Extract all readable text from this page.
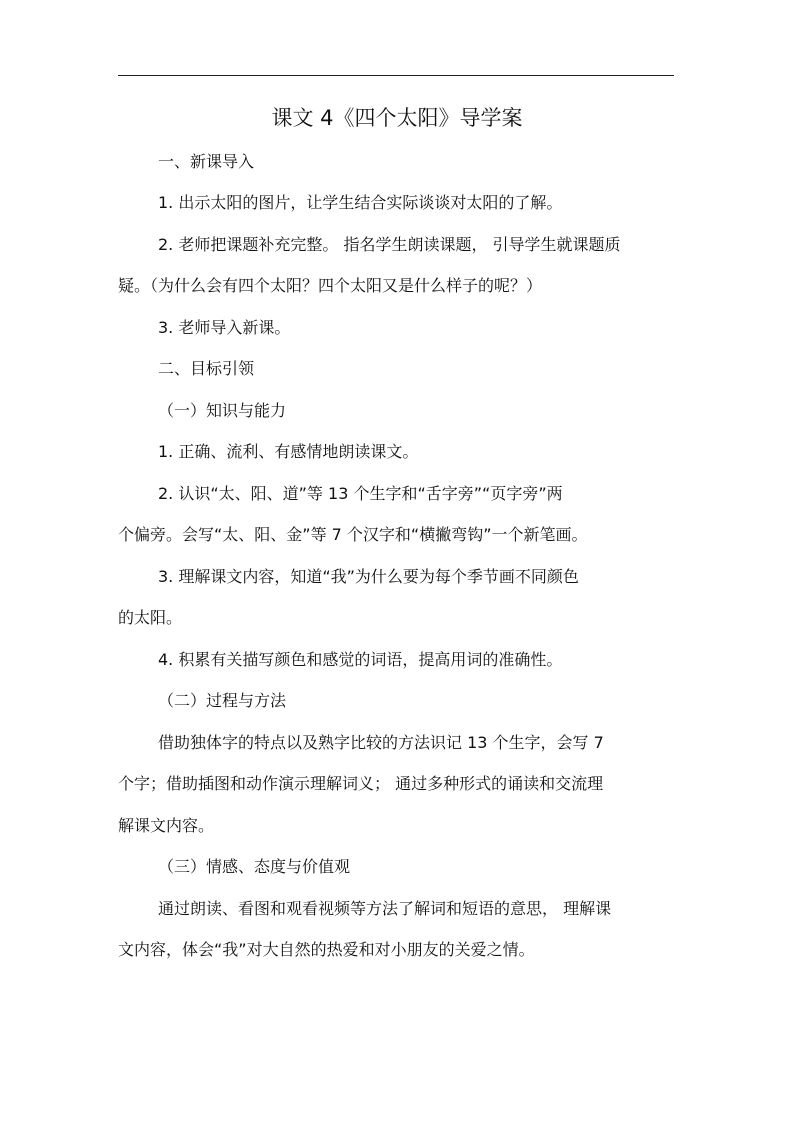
课文 4《四个太阳》导学案
一、新课导入
1. 出示太阳的图片，让学生结合实际谈谈对太阳的了解。
2. 老师把课题补充完整。 指名学生朗读课题， 引导学生就课题质
疑。（为什么会有四个太阳？四个太阳又是什么样子的呢？）
3. 老师导入新课。
二、目标引领
（一）知识与能力
1. 正确、流利、有感情地朗读课文。
2. 认识“太、阳、道”等 13 个生字和“舌字旁”“页字旁”两
个偏旁。会写“太、阳、金”等 7 个汉字和“横撇弯钩”一个新笔画。
3. 理解课文内容，知道“我”为什么要为每个季节画不同颜色
的太阳。
4. 积累有关描写颜色和感觉的词语，提高用词的准确性。
（二）过程与方法
借助独体字的特点以及熟字比较的方法识记 13 个生字，会写 7
个字；借助插图和动作演示理解词义； 通过多种形式的诵读和交流理
解课文内容。
（三）情感、态度与价值观
通过朗读、看图和观看视频等方法了解词和短语的意思， 理解课
文内容，体会“我”对大自然的热爱和对小朋友的关爱之情。
